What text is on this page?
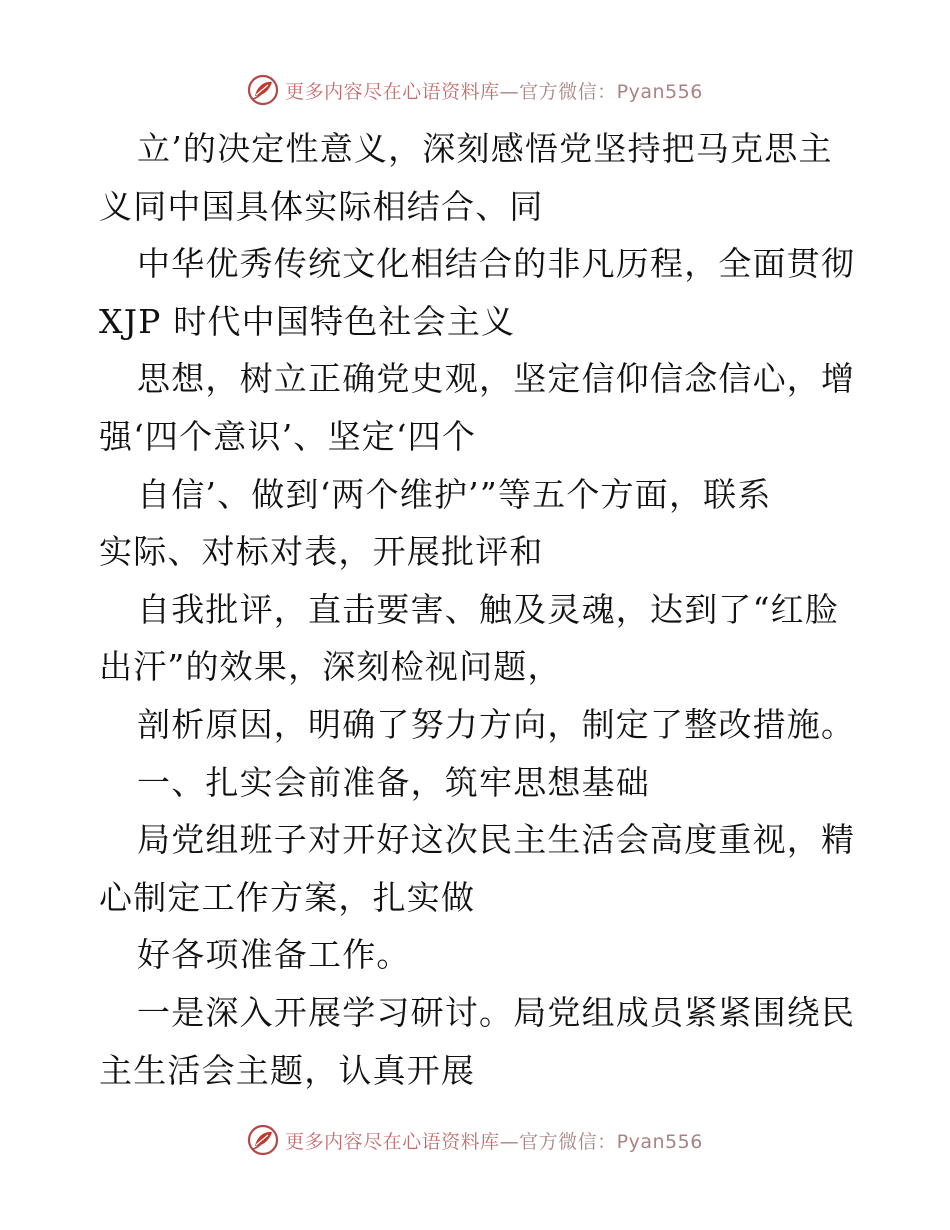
更多内容尽在心语资料库—官方微信：Pyan556
立’的决定性意义，深刻感悟党坚持把马克思主
义同中国具体实际相结合、同
中华优秀传统文化相结合的非凡历程，全面贯彻
XJP 时代中国特色社会主义
思想，树立正确党史观，坚定信仰信念信心，增
强‘四个意识’、坚定‘四个
自信’、做到‘两个维护’”等五个方面，联系
实际、对标对表，开展批评和
自我批评，直击要害、触及灵魂，达到了“红脸
出汗”的效果，深刻检视问题，
剖析原因，明确了努力方向，制定了整改措施。
一、扎实会前准备，筑牢思想基础
局党组班子对开好这次民主生活会高度重视，精
心制定工作方案，扎实做
好各项准备工作。
一是深入开展学习研讨。局党组成员紧紧围绕民
主生活会主题，认真开展
更多内容尽在心语资料库—官方微信：Pyan556
